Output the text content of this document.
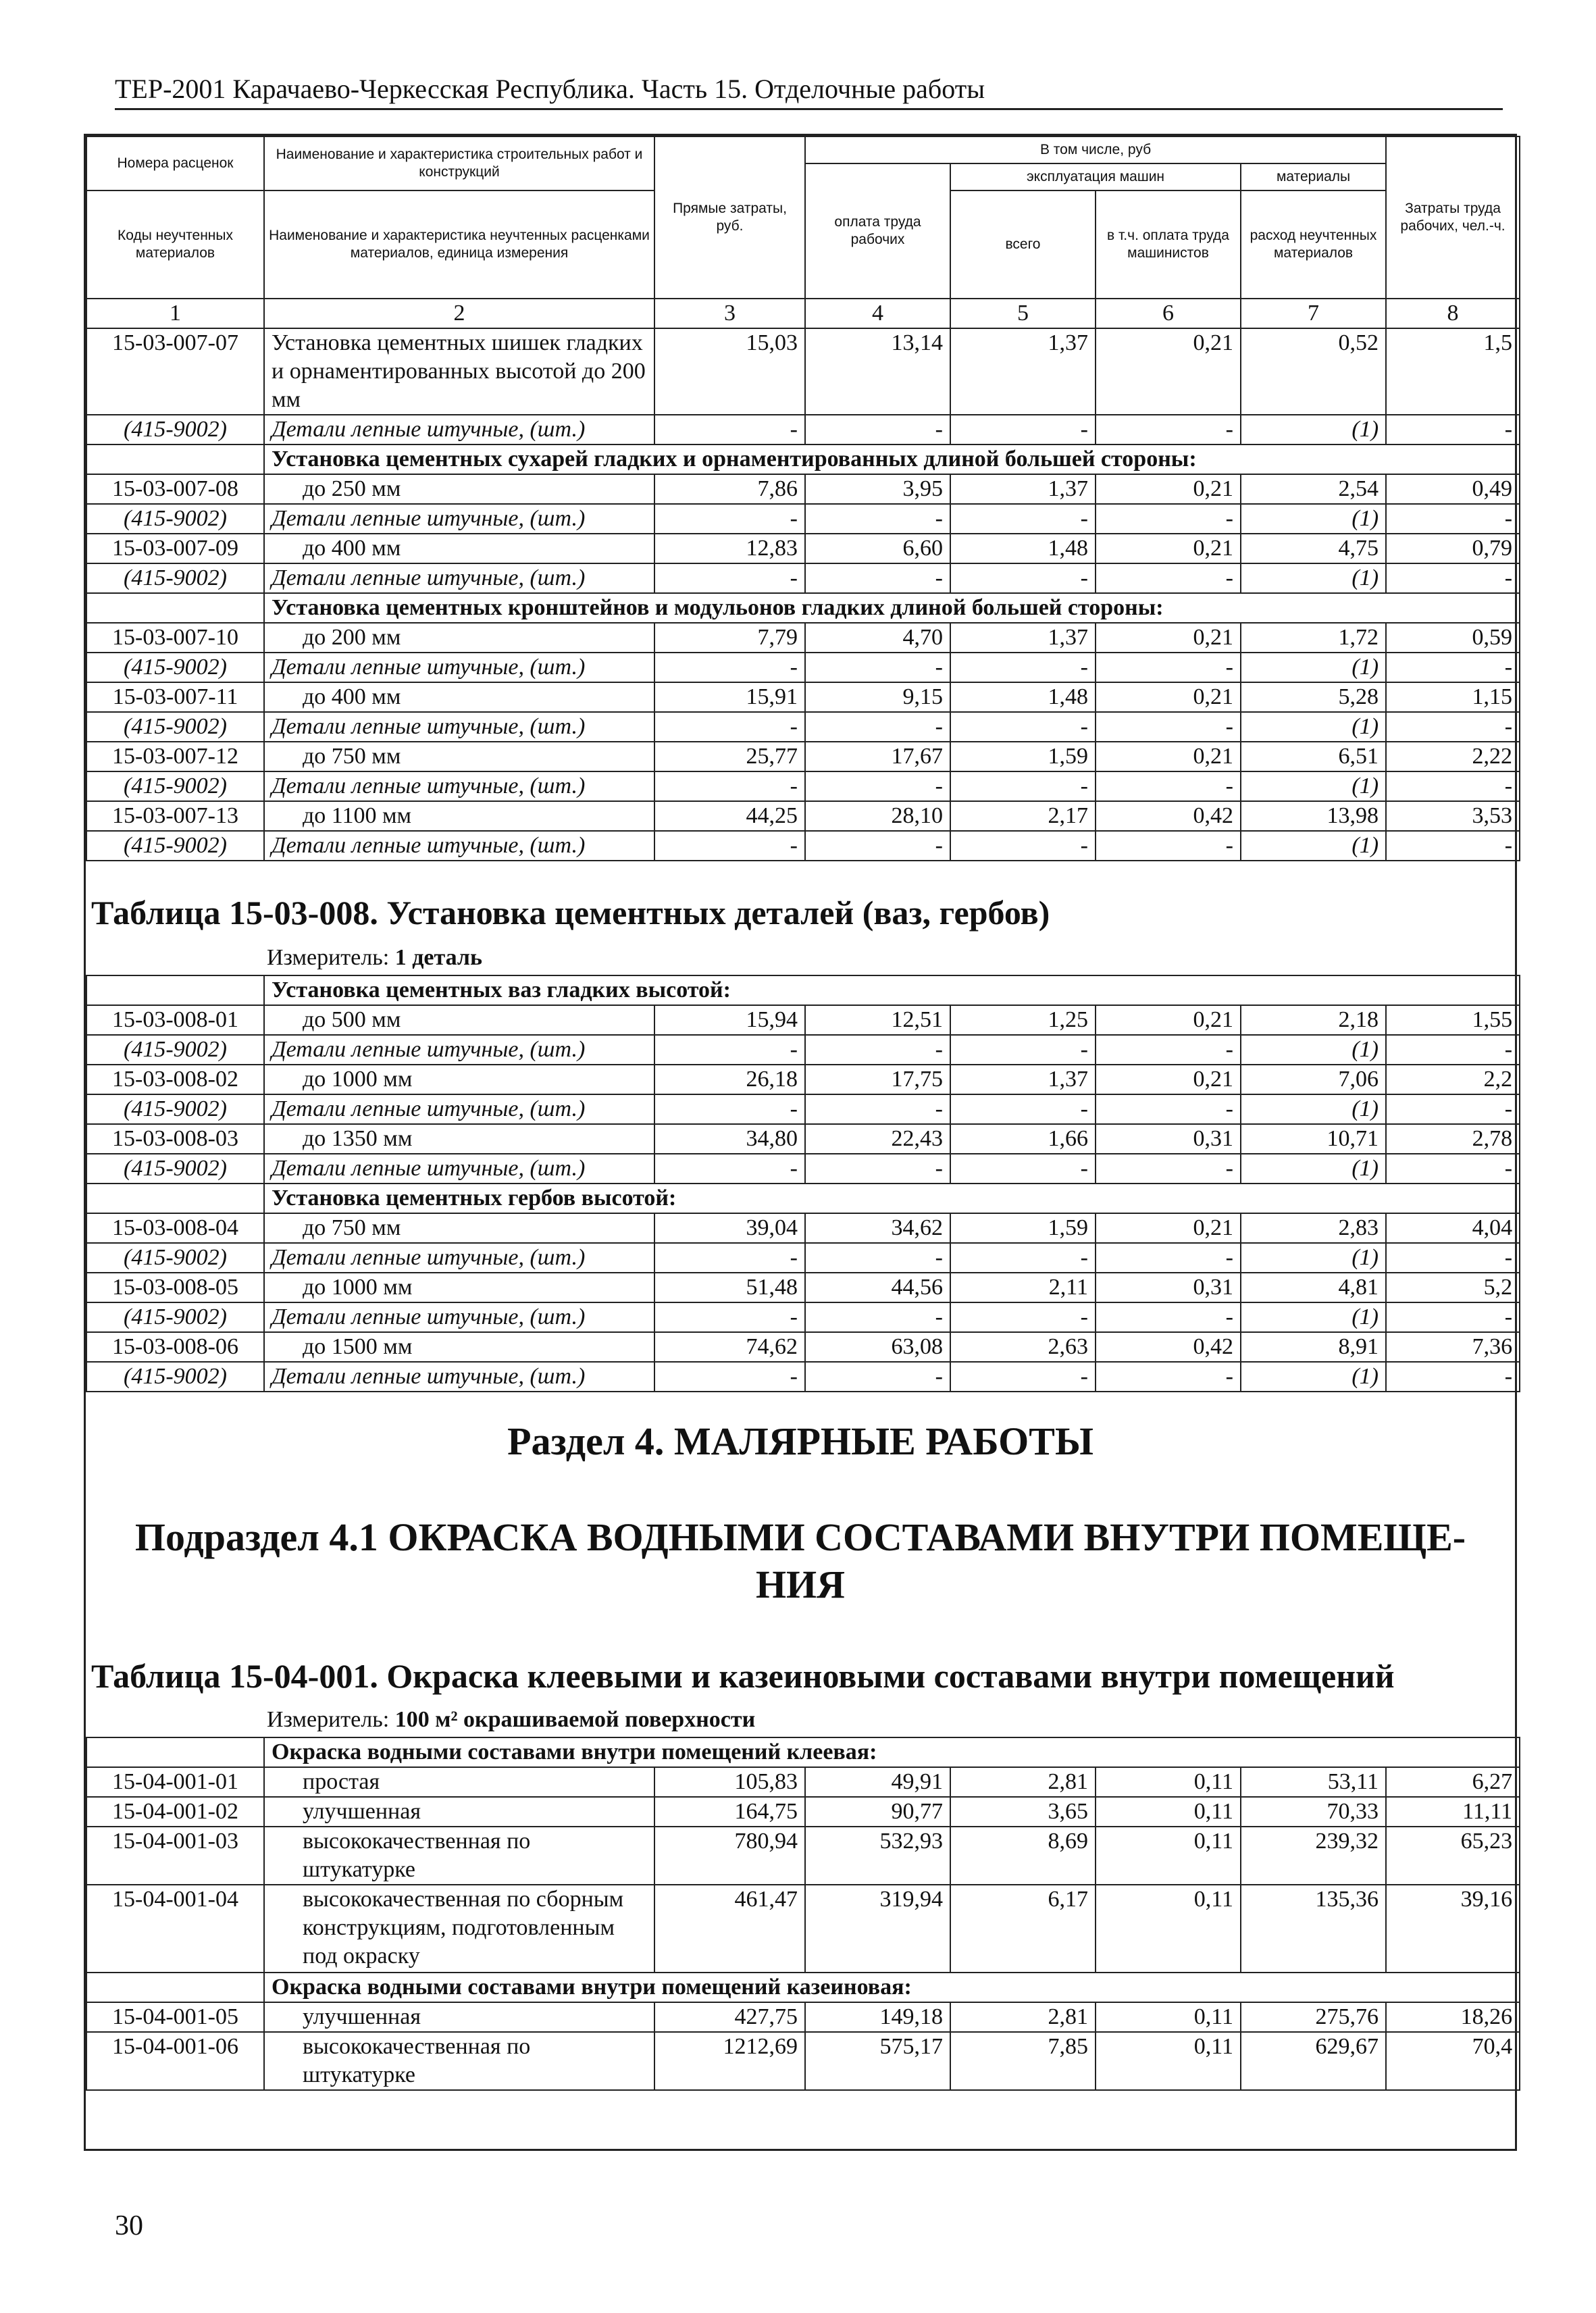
ТЕР-2001 Карачаево-Черкесская Республика. Часть 15. Отделочные работы
Номера расценок	Наименование и характеристика строительных работ и конструкций	Прямые затраты, руб.	В том числе, руб				Затраты труда рабочих, чел.-ч.
			оплата труда рабочих	эксплуатация машин		материалы	
Коды неучтенных материалов	Наименование и характеристика неучтенных расценками материалов, единица измерения			всего	в т.ч. оплата труда машинистов	расход неучтенных материалов	

1	2	3	4	5	6	7	8
15-03-007-07	Установка цементных шишек гладких и орнаментированных высотой до 200 мм	15,03	13,14	1,37	0,21	0,52	1,5
(415-9002)	Детали лепные штучные, (шт.)	-	-	-	-	(1)	-
	Установка цементных сухарей гладких и орнаментированных длиной большей стороны:						
15-03-007-08	до 250 мм	7,86	3,95	1,37	0,21	2,54	0,49
(415-9002)	Детали лепные штучные, (шт.)	-	-	-	-	(1)	-
15-03-007-09	до 400 мм	12,83	6,60	1,48	0,21	4,75	0,79
(415-9002)	Детали лепные штучные, (шт.)	-	-	-	-	(1)	-
	Установка цементных кронштейнов и модульонов гладких длиной большей стороны:						
15-03-007-10	до 200 мм	7,79	4,70	1,37	0,21	1,72	0,59
(415-9002)	Детали лепные штучные, (шт.)	-	-	-	-	(1)	-
15-03-007-11	до 400 мм	15,91	9,15	1,48	0,21	5,28	1,15
(415-9002)	Детали лепные штучные, (шт.)	-	-	-	-	(1)	-
15-03-007-12	до 750 мм	25,77	17,67	1,59	0,21	6,51	2,22
(415-9002)	Детали лепные штучные, (шт.)	-	-	-	-	(1)	-
15-03-007-13	до 1100 мм	44,25	28,10	2,17	0,42	13,98	3,53
(415-9002)	Детали лепные штучные, (шт.)	-	-	-	-	(1)	-
Таблица 15-03-008. Установка цементных деталей (ваз, гербов)
Измеритель: 1 деталь
	Установка цементных ваз гладких высотой:						
15-03-008-01	до 500 мм	15,94	12,51	1,25	0,21	2,18	1,55
(415-9002)	Детали лепные штучные, (шт.)	-	-	-	-	(1)	-
15-03-008-02	до 1000 мм	26,18	17,75	1,37	0,21	7,06	2,2
(415-9002)	Детали лепные штучные, (шт.)	-	-	-	-	(1)	-
15-03-008-03	до 1350 мм	34,80	22,43	1,66	0,31	10,71	2,78
(415-9002)	Детали лепные штучные, (шт.)	-	-	-	-	(1)	-
	Установка цементных гербов высотой:						
15-03-008-04	до 750 мм	39,04	34,62	1,59	0,21	2,83	4,04
(415-9002)	Детали лепные штучные, (шт.)	-	-	-	-	(1)	-
15-03-008-05	до 1000 мм	51,48	44,56	2,11	0,31	4,81	5,2
(415-9002)	Детали лепные штучные, (шт.)	-	-	-	-	(1)	-
15-03-008-06	до 1500 мм	74,62	63,08	2,63	0,42	8,91	7,36
(415-9002)	Детали лепные штучные, (шт.)	-	-	-	-	(1)	-
Раздел 4. МАЛЯРНЫЕ РАБОТЫ
Подраздел 4.1 ОКРАСКА ВОДНЫМИ СОСТАВАМИ ВНУТРИ ПОМЕЩЕ-
НИЯ
Таблица 15-04-001. Окраска клеевыми и казеиновыми составами внутри помещений
Измеритель: 100 м² окрашиваемой поверхности
	Окраска водными составами внутри помещений клеевая:						
15-04-001-01	простая	105,83	49,91	2,81	0,11	53,11	6,27
15-04-001-02	улучшенная	164,75	90,77	3,65	0,11	70,33	11,11
15-04-001-03	высококачественная по штукатурке	780,94	532,93	8,69	0,11	239,32	65,23
15-04-001-04	высококачественная по сборным конструкциям, подготовленным под окраску	461,47	319,94	6,17	0,11	135,36	39,16
	Окраска водными составами внутри помещений казеиновая:						
15-04-001-05	улучшенная	427,75	149,18	2,81	0,11	275,76	18,26
15-04-001-06	высококачественная по штукатурке	1212,69	575,17	7,85	0,11	629,67	70,4
30
